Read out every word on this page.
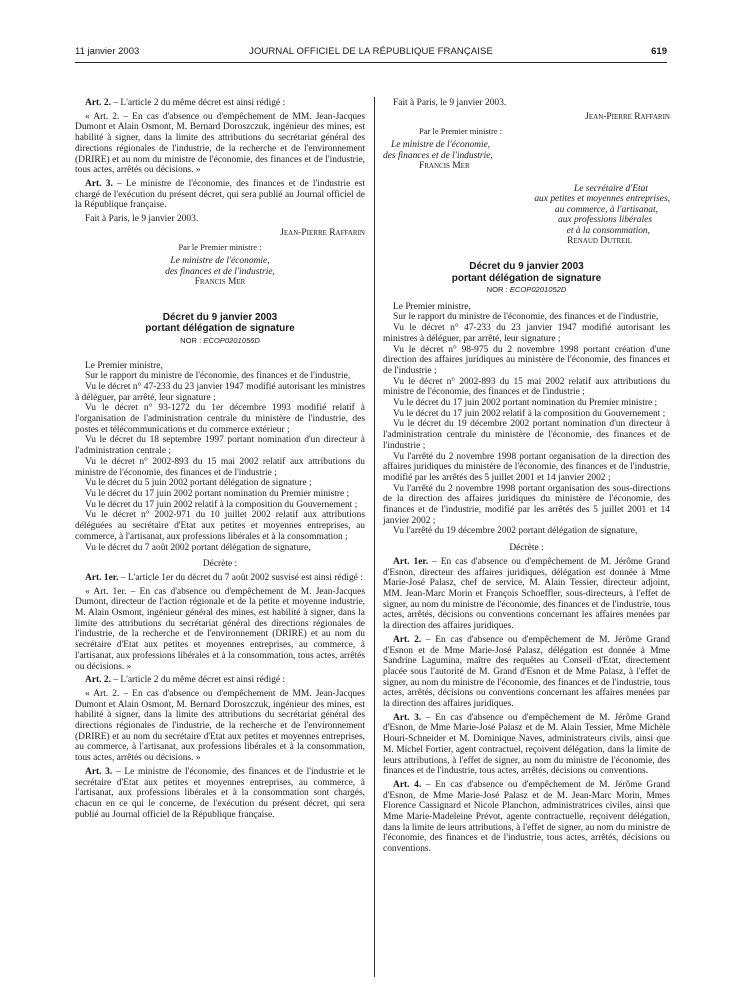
11 janvier 2003	JOURNAL OFFICIEL DE LA RÉPUBLIQUE FRANÇAISE	619

Art. 2. – L'article 2 du même décret est ainsi rédigé :

« Art. 2. – En cas d'absence ou d'empêchement de MM. Jean-Jacques Dumont et Alain Osmont, M. Bernard Doroszczuk, ingénieur des mines, est habilité à signer, dans la limite des attributions du secrétariat général des directions régionales de l'industrie, de la recherche et de l'environnement (DRIRE) et au nom du ministre de l'économie, des finances et de l'industrie, tous actes, arrêtés ou décisions. »

Art. 3. – Le ministre de l'économie, des finances et de l'industrie est chargé de l'exécution du présent décret, qui sera publié au Journal officiel de la République française.

Fait à Paris, le 9 janvier 2003.

Jean-Pierre Raffarin

Par le Premier ministre :

Le ministre de l'économie,

des finances et de l'industrie,

Francis Mer

Décret du 9 janvier 2003

portant délégation de signature

NOR : ECOP0201056D

Le Premier ministre,

Sur le rapport du ministre de l'économie, des finances et de l'industrie,

Vu le décret n° 47-233 du 23 janvier 1947 modifié autorisant les ministres à déléguer, par arrêté, leur signature ;

Vu le décret n° 93-1272 du 1er décembre 1993 modifié relatif à l'organisation de l'administration centrale du ministère de l'industrie, des postes et télécommunications et du commerce extérieur ;

Vu le décret du 18 septembre 1997 portant nomination d'un directeur à l'administration centrale ;

Vu le décret n° 2002-893 du 15 mai 2002 relatif aux attributions du ministre de l'économie, des finances et de l'industrie ;

Vu le décret du 5 juin 2002 portant délégation de signature ;

Vu le décret du 17 juin 2002 portant nomination du Premier ministre ;

Vu le décret du 17 juin 2002 relatif à la composition du Gouvernement ;

Vu le décret n° 2002-971 du 10 juillet 2002 relatif aux attributions déléguées au secrétaire d'Etat aux petites et moyennes entreprises, au commerce, à l'artisanat, aux professions libérales et à la consommation ;

Vu le décret du 7 août 2002 portant délégation de signature,

Décrète :

Art. 1er. – L'article 1er du décret du 7 août 2002 susvisé est ainsi rédigé :

« Art. 1er. – En cas d'absence ou d'empêchement de M. Jean-Jacques Dumont, directeur de l'action régionale et de la petite et moyenne industrie, M. Alain Osmont, ingénieur général des mines, est habilité à signer, dans la limite des attributions du secrétariat général des directions régionales de l'industrie, de la recherche et de l'environnement (DRIRE) et au nom du secrétaire d'Etat aux petites et moyennes entreprises, au commerce, à l'artisanat, aux professions libérales et à la consommation, tous actes, arrêtés ou décisions. »

Art. 2. – L'article 2 du même décret est ainsi rédigé :

« Art. 2. – En cas d'absence ou d'empêchement de MM. Jean-Jacques Dumont et Alain Osmont, M. Bernard Doroszczuk, ingénieur des mines, est habilité à signer, dans la limite des attributions du secrétariat général des directions régionales de l'industrie, de la recherche et de l'environnement (DRIRE) et au nom du secrétaire d'Etat aux petites et moyennes entreprises, au commerce, à l'artisanat, aux professions libérales et à la consommation, tous actes, arrêtés ou décisions. »

Art. 3. – Le ministre de l'économie, des finances et de l'industrie et le secrétaire d'Etat aux petites et moyennes entreprises, au commerce, à l'artisanat, aux professions libérales et à la consommation sont chargés, chacun en ce qui le concerne, de l'exécution du présent décret, qui sera publié au Journal officiel de la République française.

Fait à Paris, le 9 janvier 2003.

Jean-Pierre Raffarin

Par le Premier ministre :

Le ministre de l'économie,

des finances et de l'industrie,

Francis Mer

Le secrétaire d'Etat

aux petites et moyennes entreprises,

au commerce, à l'artisanat,

aux professions libérales

et à la consommation,

Renaud Dutreil

Décret du 9 janvier 2003

portant délégation de signature

NOR : ECOP0201052D

Le Premier ministre,

Sur le rapport du ministre de l'économie, des finances et de l'industrie,

Vu le décret n° 47-233 du 23 janvier 1947 modifié autorisant les ministres à déléguer, par arrêté, leur signature ;

Vu le décret n° 98-975 du 2 novembre 1998 portant création d'une direction des affaires juridiques au ministère de l'économie, des finances et de l'industrie ;

Vu le décret n° 2002-893 du 15 mai 2002 relatif aux attributions du ministre de l'économie, des finances et de l'industrie ;

Vu le décret du 17 juin 2002 portant nomination du Premier ministre ;

Vu le décret du 17 juin 2002 relatif à la composition du Gouvernement ;

Vu le décret du 19 décembre 2002 portant nomination d'un directeur à l'administration centrale du ministère de l'économie, des finances et de l'industrie ;

Vu l'arrêté du 2 novembre 1998 portant organisation de la direction des affaires juridiques du ministère de l'économie, des finances et de l'industrie, modifié par les arrêtés des 5 juillet 2001 et 14 janvier 2002 ;

Vu l'arrêté du 2 novembre 1998 portant organisation des sous-directions de la direction des affaires juridiques du ministère de l'économie, des finances et de l'industrie, modifié par les arrêtés des 5 juillet 2001 et 14 janvier 2002 ;

Vu l'arrêté du 19 décembre 2002 portant délégation de signature,

Décrète :

Art. 1er. – En cas d'absence ou d'empêchement de M. Jérôme Grand d'Esnon, directeur des affaires juridiques, délégation est donnée à Mme Marie-José Palasz, chef de service, M. Alain Tessier, directeur adjoint, MM. Jean-Marc Morin et François Schoeffler, sous-directeurs, à l'effet de signer, au nom du ministre de l'économie, des finances et de l'industrie, tous actes, arrêtés, décisions ou conventions concernant les affaires menées par la direction des affaires juridiques.

Art. 2. – En cas d'absence ou d'empêchement de M. Jérôme Grand d'Esnon et de Mme Marie-José Palasz, délégation est donnée à Mme Sandrine Lagumina, maître des requêtes au Conseil d'Etat, directement placée sous l'autorité de M. Grand d'Esnon et de Mme Palasz, à l'effet de signer, au nom du ministre de l'économie, des finances et de l'industrie, tous actes, arrêtés, décisions ou conventions concernant les affaires menées par la direction des affaires juridiques.

Art. 3. – En cas d'absence ou d'empêchement de M. Jérôme Grand d'Esnon, de Mme Marie-José Palasz et de M. Alain Tessier, Mme Michèle Houri-Schneider et M. Dominique Naves, administrateurs civils, ainsi que M. Michel Fortier, agent contractuel, reçoivent délégation, dans la limite de leurs attributions, à l'effet de signer, au nom du ministre de l'économie, des finances et de l'industrie, tous actes, arrêtés, décisions ou conventions.

Art. 4. – En cas d'absence ou d'empêchement de M. Jérôme Grand d'Esnon, de Mme Marie-José Palasz et de M. Jean-Marc Morin, Mmes Florence Cassignard et Nicole Planchon, administratrices civiles, ainsi que Mme Marie-Madeleine Prévot, agente contractuelle, reçoivent délégation, dans la limite de leurs attributions, à l'effet de signer, au nom du ministre de l'économie, des finances et de l'industrie, tous actes, arrêtés, décisions ou conventions.
